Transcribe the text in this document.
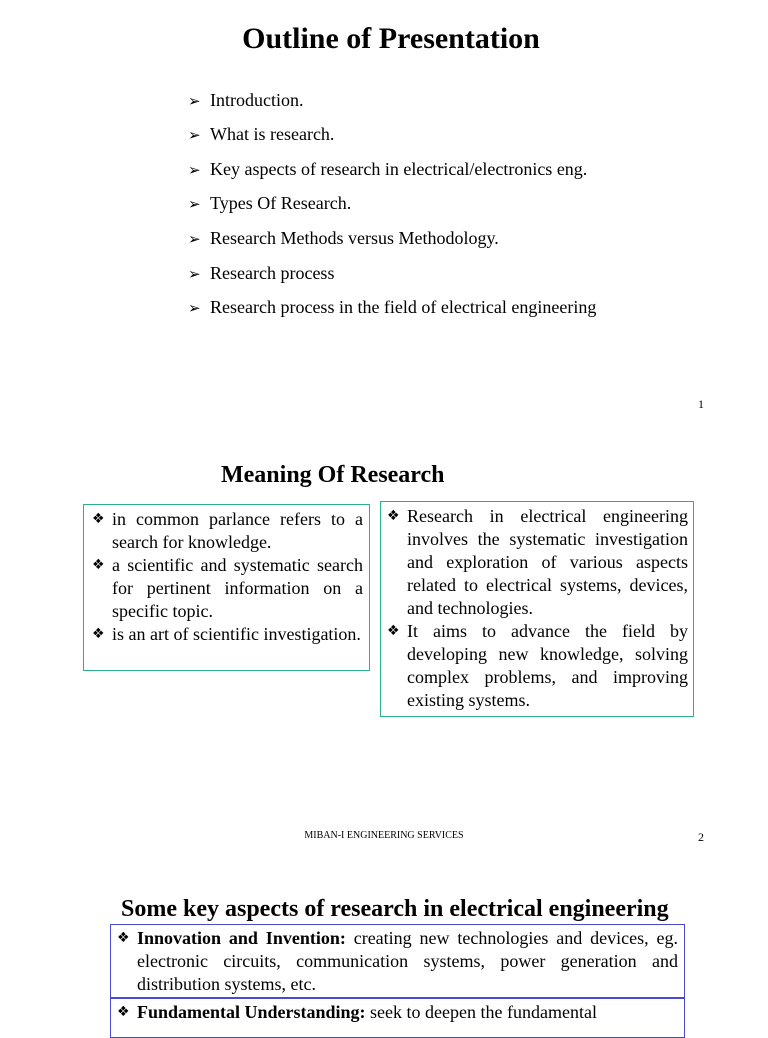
Outline of Presentation
➢ Introduction.
➢ What is research.
➢ Key aspects of research in electrical/electronics eng.
➢ Types Of Research.
➢ Research Methods versus Methodology.
➢ Research process
➢ Research process in the field of electrical engineering
1
Meaning Of Research
❖ in common parlance refers to a search for knowledge.
❖ a scientific and systematic search for pertinent information on a specific topic.
❖ is an art of scientific investigation.
❖ Research in electrical engineering involves the systematic investigation and exploration of various aspects related to electrical systems, devices, and technologies.
❖ It aims to advance the field by developing new knowledge, solving complex problems, and improving existing systems.
MIBAN-I ENGINEERING SERVICES	2
Some key aspects of research in electrical engineering
❖ Innovation and Invention: creating new technologies and devices, eg. electronic circuits, communication systems, power generation and distribution systems, etc.
❖ Fundamental Understanding: seek to deepen the fundamental
